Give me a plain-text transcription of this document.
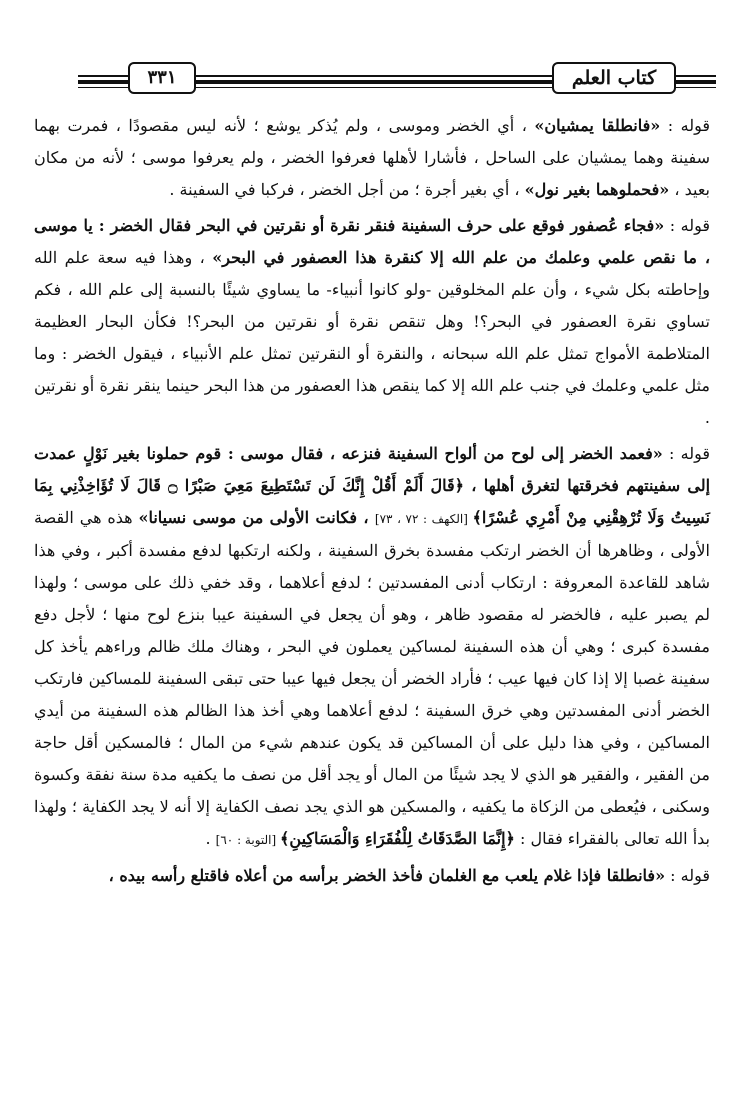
كتاب العلم
٣٣١

قوله : «فانطلقا يمشيان» ، أي الخضر وموسى ، ولم يُذكر يوشع ؛ لأنه ليس مقصودًا ، فمرت بهما سفينة وهما يمشيان على الساحل ، فأشارا لأهلها فعرفوا الخضر ، ولم يعرفوا موسى ؛ لأنه من مكان بعيد ، «فحملوهما بغير نول» ، أي بغير أجرة ؛ من أجل الخضر ، فركبا في السفينة .

قوله : «فجاء عُصفور فوقع على حرف السفينة فنقر نقرة أو نقرتين في البحر فقال الخضر : يا موسى ، ما نقص علمي وعلمك من علم الله إلا كنقرة هذا العصفور في البحر» ، وهذا فيه سعة علم الله وإحاطته بكل شيء ، وأن علم المخلوقين -ولو كانوا أنبياء- ما يساوي شيئًا بالنسبة إلى علم الله ، فكم تساوي نقرة العصفور في البحر؟! وهل تنقص نقرة أو نقرتين من البحر؟! فكأن البحار العظيمة المتلاطمة الأمواج تمثل علم الله سبحانه ، والنقرة أو النقرتين تمثل علم الأنبياء ، فيقول الخضر : وما مثل علمي وعلمك في جنب علم الله إلا كما ينقص هذا العصفور من هذا البحر حينما ينقر نقرة أو نقرتين .

قوله : «فعمد الخضر إلى لوح من ألواح السفينة فنزعه ، فقال موسى : قوم حملونا بغير نَوْلٍ عمدت إلى سفينتهم فخرقتها لتغرق أهلها ، ﴿قَالَ أَلَمْ أَقُلْ إِنَّكَ لَن تَسْتَطِيعَ مَعِيَ صَبْرًا ۝ قَالَ لَا تُؤَاخِذْنِي بِمَا نَسِيتُ وَلَا تُرْهِقْنِي مِنْ أَمْرِي عُسْرًا﴾ [الكهف : ٧٢ ، ٧٣] ، فكانت الأولى من موسى نسيانا» هذه هي القصة الأولى ، وظاهرها أن الخضر ارتكب مفسدة بخرق السفينة ، ولكنه ارتكبها لدفع مفسدة أكبر ، وفي هذا شاهد للقاعدة المعروفة : ارتكاب أدنى المفسدتين ؛ لدفع أعلاهما ، وقد خفي ذلك على موسى ؛ ولهذا لم يصبر عليه ، فالخضر له مقصود ظاهر ، وهو أن يجعل في السفينة عيبا بنزع لوح منها ؛ لأجل دفع مفسدة كبرى ؛ وهي أن هذه السفينة لمساكين يعملون في البحر ، وهناك ملك ظالم وراءهم يأخذ كل سفينة غصبا إلا إذا كان فيها عيب ؛ فأراد الخضر أن يجعل فيها عيبا حتى تبقى السفينة للمساكين فارتكب الخضر أدنى المفسدتين وهي خرق السفينة ؛ لدفع أعلاهما وهي أخذ هذا الظالم هذه السفينة من أيدي المساكين ، وفي هذا دليل على أن المساكين قد يكون عندهم شيء من المال ؛ فالمسكين أقل حاجة من الفقير ، والفقير هو الذي لا يجد شيئًا من المال أو يجد أقل من نصف ما يكفيه مدة سنة نفقة وكسوة وسكنى ، فيُعطى من الزكاة ما يكفيه ، والمسكين هو الذي يجد نصف الكفاية إلا أنه لا يجد الكفاية ؛ ولهذا بدأ الله تعالى بالفقراء فقال : ﴿إِنَّمَا الصَّدَقَاتُ لِلْفُقَرَاءِ وَالْمَسَاكِينِ﴾ [التوبة : ٦٠] .

قوله : «فانطلقا فإذا غلام يلعب مع الغلمان فأخذ الخضر برأسه من أعلاه فاقتلع رأسه بيده ،
